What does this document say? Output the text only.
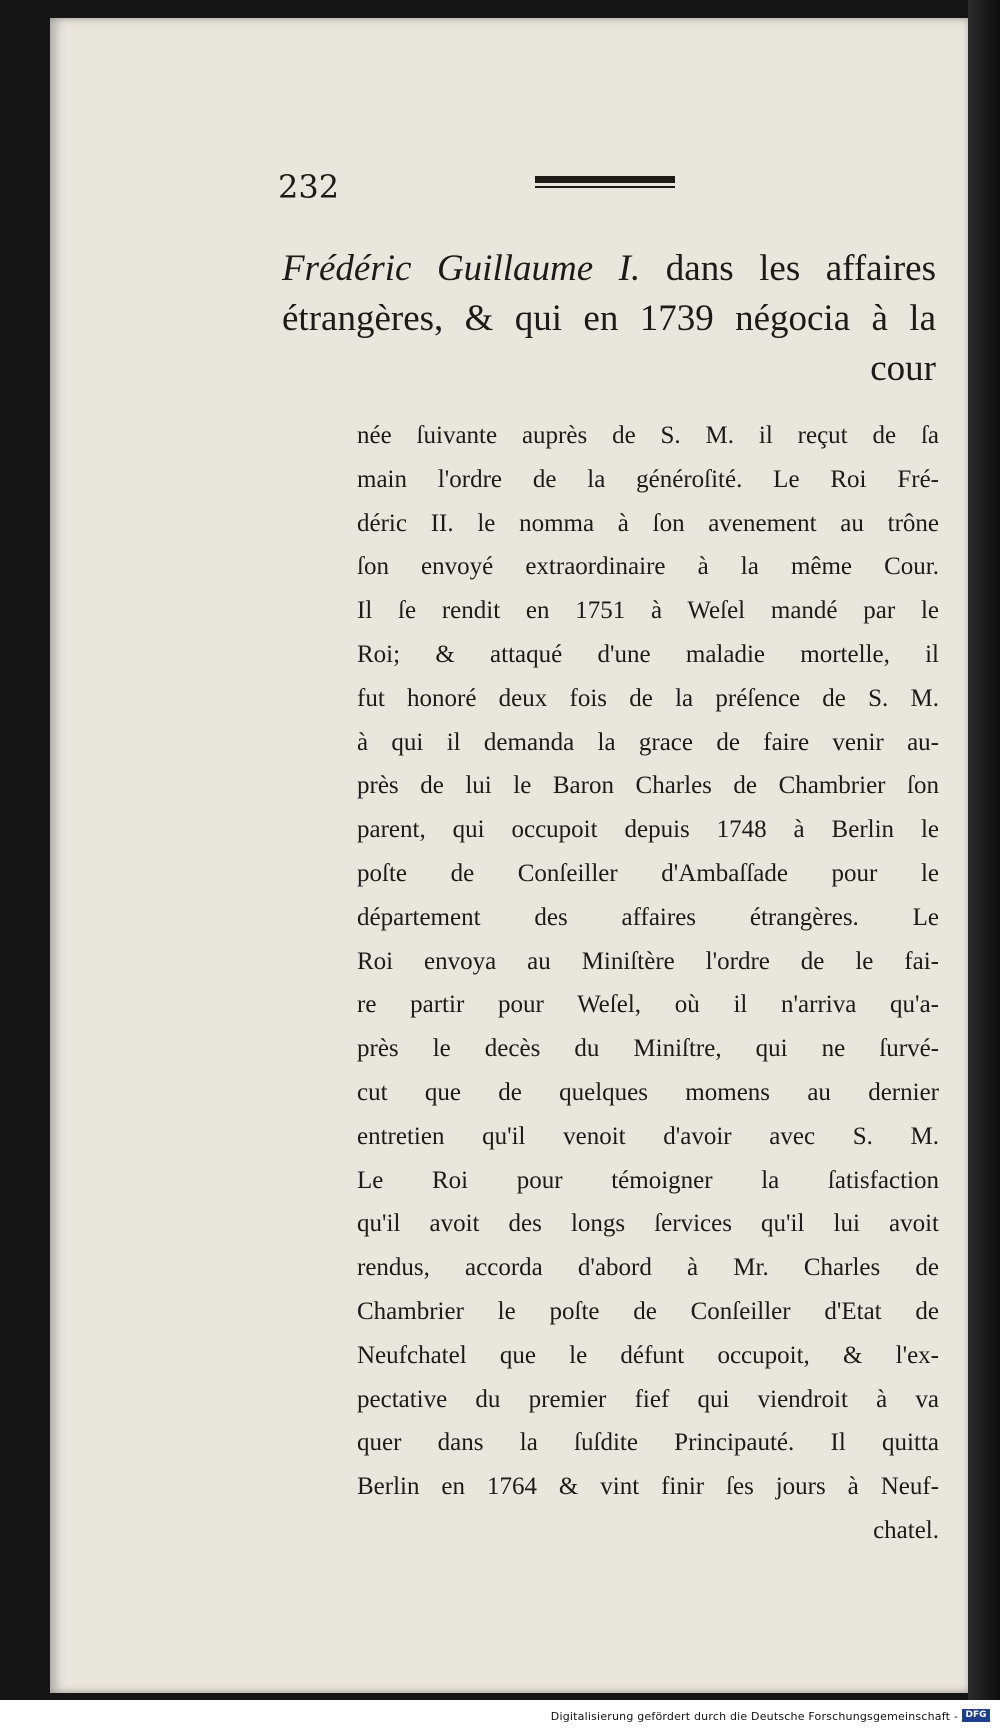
232
Frédéric Guillaume I. dans les affaires
étrangères, & qui en 1739 négocia à la
cour
née ſuivante auprès de S. M. il reçut de ſa
main l'ordre de la généroſité. Le Roi Fré-
déric II. le nomma à ſon avenement au trône
ſon envoyé extraordinaire à la même Cour.
Il ſe rendit en 1751 à Weſel mandé par le
Roi; & attaqué d'une maladie mortelle, il
fut honoré deux fois de la préſence de S. M.
à qui il demanda la grace de faire venir au-
près de lui le Baron Charles de Chambrier ſon
parent, qui occupoit depuis 1748 à Berlin le
poſte de Conſeiller d'Ambaſſade pour le
département des affaires étrangères. Le
Roi envoya au Miniſtère l'ordre de le fai-
re partir pour Weſel, où il n'arriva qu'a-
près le decès du Miniſtre, qui ne ſurvé-
cut que de quelques momens au dernier
entretien qu'il venoit d'avoir avec S. M.
Le Roi pour témoigner la ſatisfaction
qu'il avoit des longs ſervices qu'il lui avoit
rendus, accorda d'abord à Mr. Charles de
Chambrier le poſte de Conſeiller d'Etat de
Neufchatel que le défunt occupoit, & l'ex-
pectative du premier fief qui viendroit à va
quer dans la ſuſdite Principauté. Il quitta
Berlin en 1764 & vint finir ſes jours à Neuf-
chatel.
Digitalisierung gefördert durch die Deutsche Forschungsgemeinschaft - DFG
